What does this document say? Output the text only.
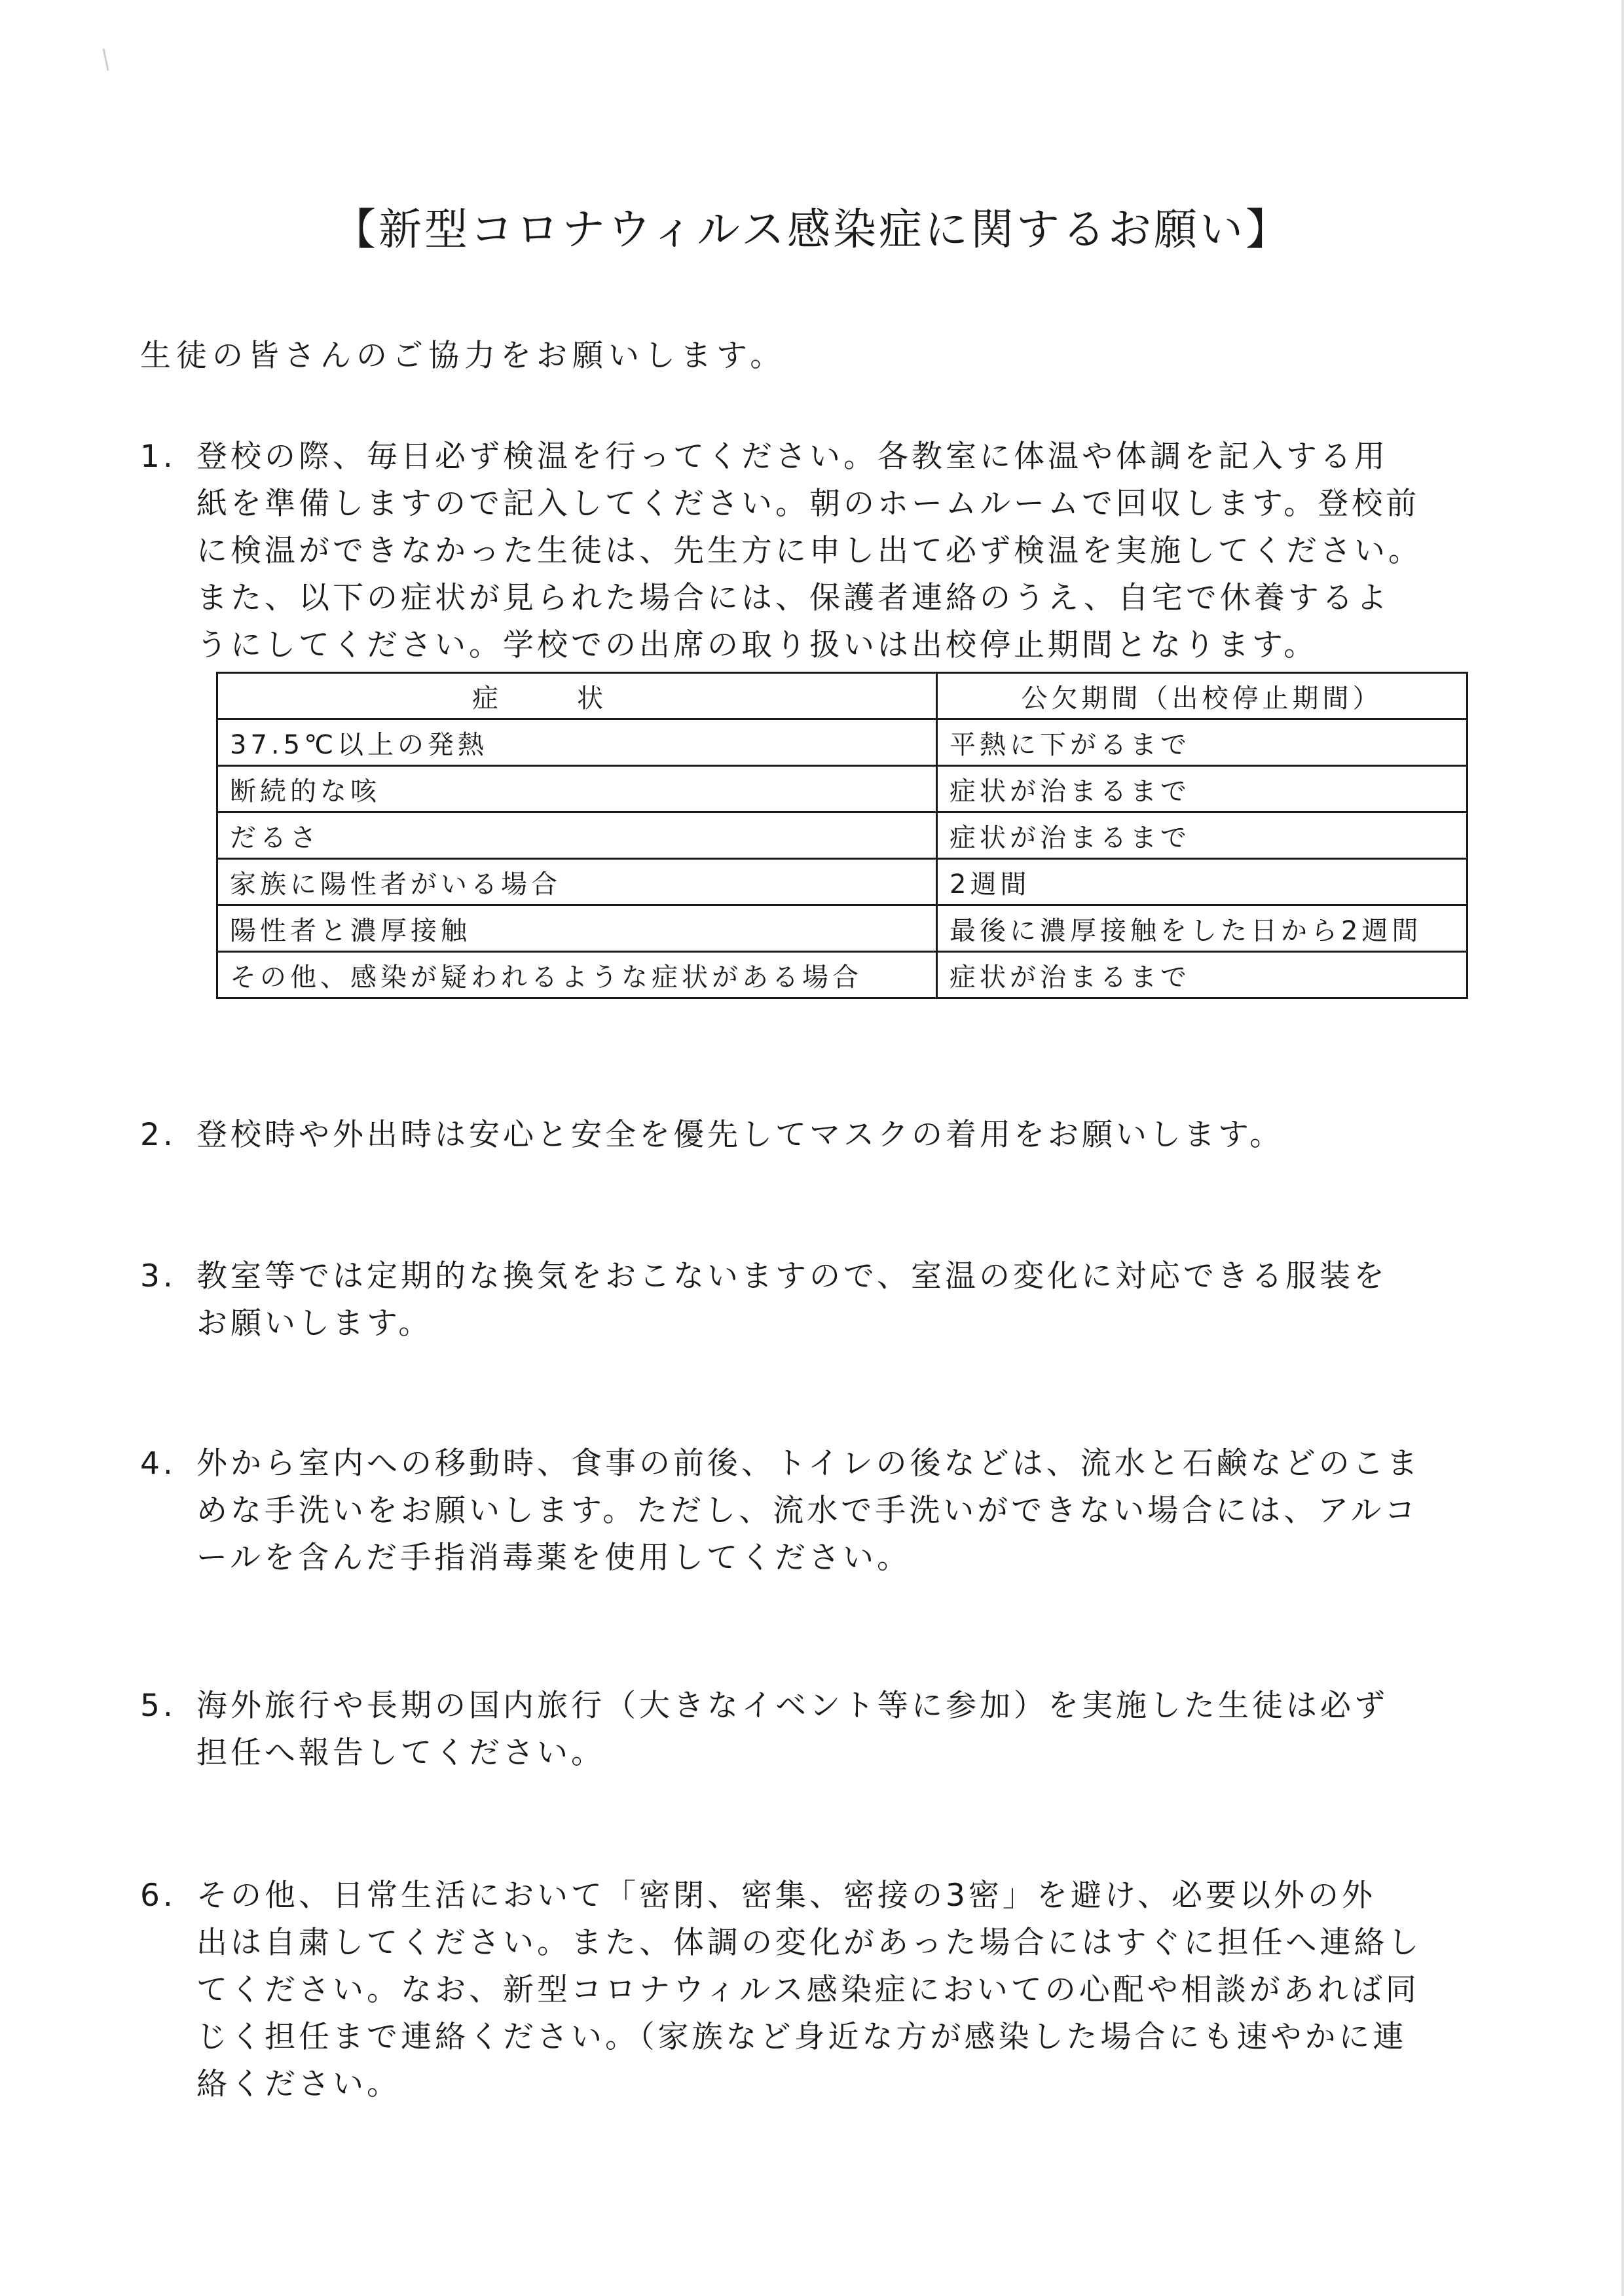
【新型コロナウィルス感染症に関するお願い】
生徒の皆さんのご協力をお願いします。
1. 登校の際、毎日必ず検温を行ってください。各教室に体温や体調を記入する用
紙を準備しますので記入してください。朝のホームルームで回収します。登校前
に検温ができなかった生徒は、先生方に申し出て必ず検温を実施してください。
また、以下の症状が見られた場合には、保護者連絡のうえ、自宅で休養するよ
うにしてください。学校での出席の取り扱いは出校停止期間となります。
症状	公欠期間（出校停止期間）
37.5℃以上の発熱	平熱に下がるまで
断続的な咳	症状が治まるまで
だるさ	症状が治まるまで
家族に陽性者がいる場合	2週間
陽性者と濃厚接触	最後に濃厚接触をした日から2週間
その他、感染が疑われるような症状がある場合	症状が治まるまで
2. 登校時や外出時は安心と安全を優先してマスクの着用をお願いします。
3. 教室等では定期的な換気をおこないますので、室温の変化に対応できる服装を
お願いします。
4. 外から室内への移動時、食事の前後、トイレの後などは、流水と石鹸などのこま
めな手洗いをお願いします。ただし、流水で手洗いができない場合には、アルコ
ールを含んだ手指消毒薬を使用してください。
5. 海外旅行や長期の国内旅行（大きなイベント等に参加）を実施した生徒は必ず
担任へ報告してください。
6. その他、日常生活において「密閉、密集、密接の3密」を避け、必要以外の外
出は自粛してください。また、体調の変化があった場合にはすぐに担任へ連絡し
てください。なお、新型コロナウィルス感染症においての心配や相談があれば同
じく担任まで連絡ください。（家族など身近な方が感染した場合にも速やかに連
絡ください。
